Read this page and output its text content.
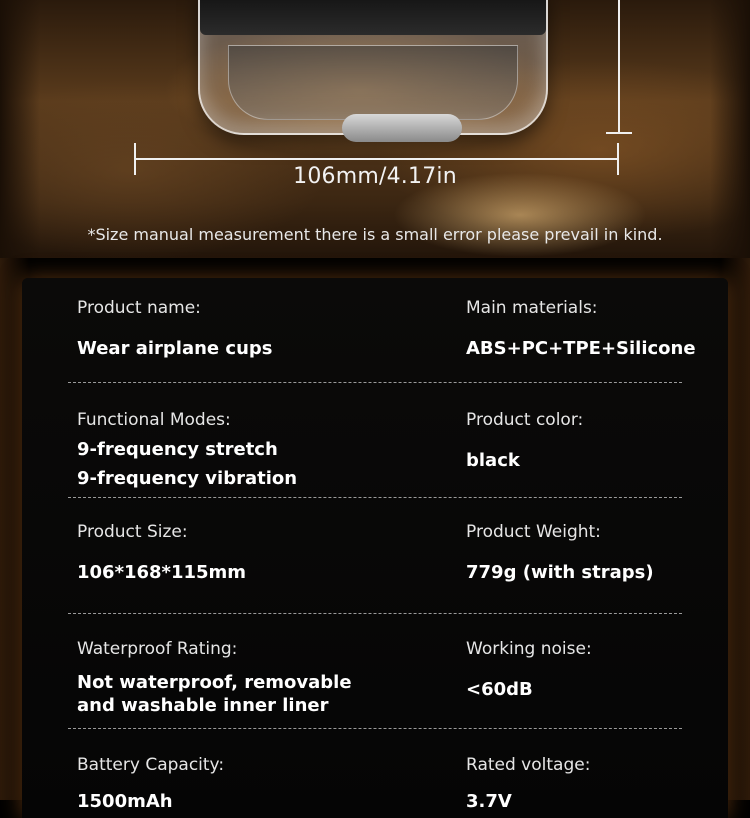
106mm/4.17in
*Size manual measurement there is a small error please prevail in kind.
Product name:
Wear airplane cups
Main materials:
ABS+PC+TPE+Silicone
Functional Modes:
9-frequency stretch
9-frequency vibration
Product color:
black
Product Size:
106*168*115mm
Product Weight:
779g (with straps)
Waterproof Rating:
Not waterproof, removable
and washable inner liner
Working noise:
<60dB
Battery Capacity:
1500mAh
Rated voltage:
3.7V
